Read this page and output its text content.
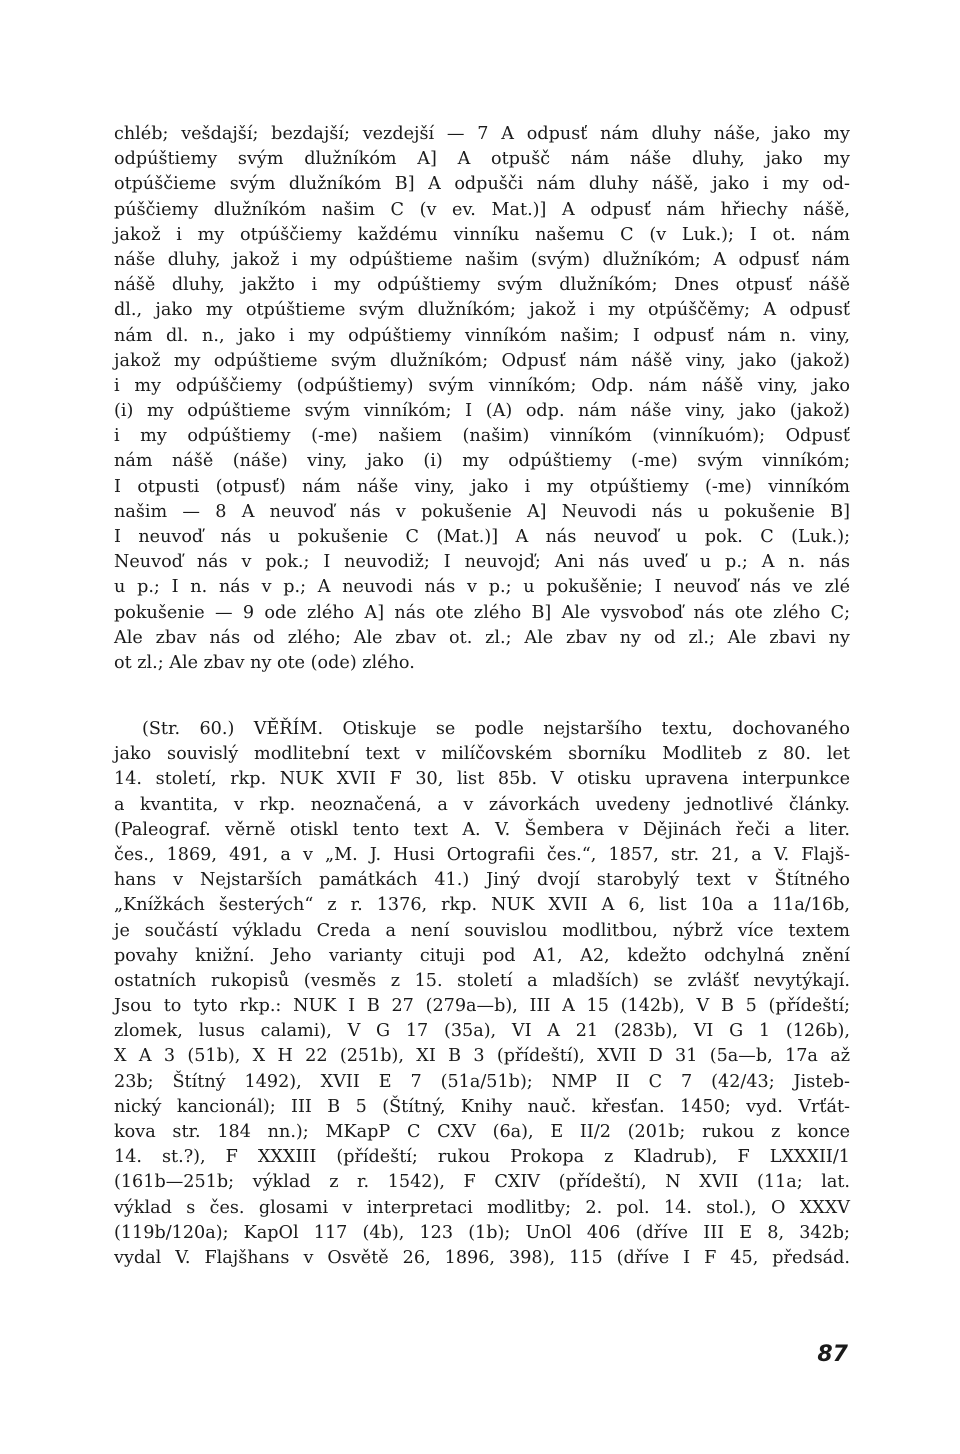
chléb; vešdajší; bezdajší; vezdejší — 7 A odpusť nám dluhy náše, jako my
odpúštiemy svým dlužníkóm A] A otpušč nám náše dluhy, jako my
otpúščieme svým dlužníkóm B] A odpušči nám dluhy nášě, jako i my od-
púščiemy dlužníkóm našim C (v ev. Mat.)] A odpusť nám hřiechy nášě,
jakož i my otpúščiemy každému vinníku našemu C (v Luk.); I ot. nám
náše dluhy, jakož i my odpúštieme našim (svým) dlužníkóm; A odpusť nám
nášě dluhy, jakžto i my odpúštiemy svým dlužníkóm; Dnes otpusť nášě
dl., jako my otpúštieme svým dlužníkóm; jakož i my otpúščěmy; A odpusť
nám dl. n., jako i my odpúštiemy vinníkóm našim; I odpusť nám n. viny,
jakož my odpúštieme svým dlužníkóm; Odpusť nám nášě viny, jako (jakož)
i my odpúščiemy (odpúštiemy) svým vinníkóm; Odp. nám nášě viny, jako
(i) my odpúštieme svým vinníkóm; I (A) odp. nám náše viny, jako (jakož)
i my odpúštiemy (-me) našiem (našim) vinníkóm (vinníkuóm); Odpusť
nám nášě (náše) viny, jako (i) my odpúštiemy (-me) svým vinníkóm;
I otpusti (otpusť) nám náše viny, jako i my otpúštiemy (-me) vinníkóm
našim — 8 A neuvoď nás v pokušenie A] Neuvodi nás u pokušenie B]
I neuvoď nás u pokušenie C (Mat.)] A nás neuvoď u pok. C (Luk.);
Neuvoď nás v pok.; I neuvodiž; I neuvojď; Ani nás uveď u p.; A n. nás
u p.; I n. nás v p.; A neuvodi nás v p.; u pokušěnie; I neuvoď nás ve zlé
pokušenie — 9 ode zlého A] nás ote zlého B] Ale vysvoboď nás ote zlého C;
Ale zbav nás od zlého; Ale zbav ot. zl.; Ale zbav ny od zl.; Ale zbavi ny
ot zl.; Ale zbav ny ote (ode) zlého.
(Str. 60.) VĚŘÍM. Otiskuje se podle nejstaršího textu, dochovaného
jako souvislý modlitební text v milíčovském sborníku Modliteb z 80. let
14. století, rkp. NUK XVII F 30, list 85b. V otisku upravena interpunkce
a kvantita, v rkp. neoznačená, a v závorkách uvedeny jednotlivé články.
(Paleograf. věrně otiskl tento text A. V. Šembera v Dějinách řeči a liter.
čes., 1869, 491, a v „M. J. Husi Ortografii čes.“, 1857, str. 21, a V. Flajš-
hans v Nejstarších památkách 41.) Jiný dvojí starobylý text v Štítného
„Knížkách šesterých“ z r. 1376, rkp. NUK XVII A 6, list 10a a 11a/16b,
je součástí výkladu Creda a není souvislou modlitbou, nýbrž více textem
povahy knižní. Jeho varianty cituji pod A1, A2, kdežto odchylná znění
ostatních rukopisů (vesměs z 15. století a mladších) se zvlášť nevytýkají.
Jsou to tyto rkp.: NUK I B 27 (279a—b), III A 15 (142b), V B 5 (přídeští;
zlomek, lusus calami), V G 17 (35a), VI A 21 (283b), VI G 1 (126b),
X A 3 (51b), X H 22 (251b), XI B 3 (přídeští), XVII D 31 (5a—b, 17a až
23b; Štítný 1492), XVII E 7 (51a/51b); NMP II C 7 (42/43; Jisteb-
nický kancionál); III B 5 (Štítný, Knihy nauč. křesťan. 1450; vyd. Vrťát-
kova str. 184 nn.); MKapP C CXV (6a), E II/2 (201b; rukou z konce
14. st.?), F XXXIII (přídeští; rukou Prokopa z Kladrub), F LXXXII/1
(161b—251b; výklad z r. 1542), F CXIV (přídeští), N XVII (11a; lat.
výklad s čes. glosami v interpretaci modlitby; 2. pol. 14. stol.), O XXXV
(119b/120a); KapOl 117 (4b), 123 (1b); UnOl 406 (dříve III E 8, 342b;
vydal V. Flajšhans v Osvětě 26, 1896, 398), 115 (dříve I F 45, předsád.
87
